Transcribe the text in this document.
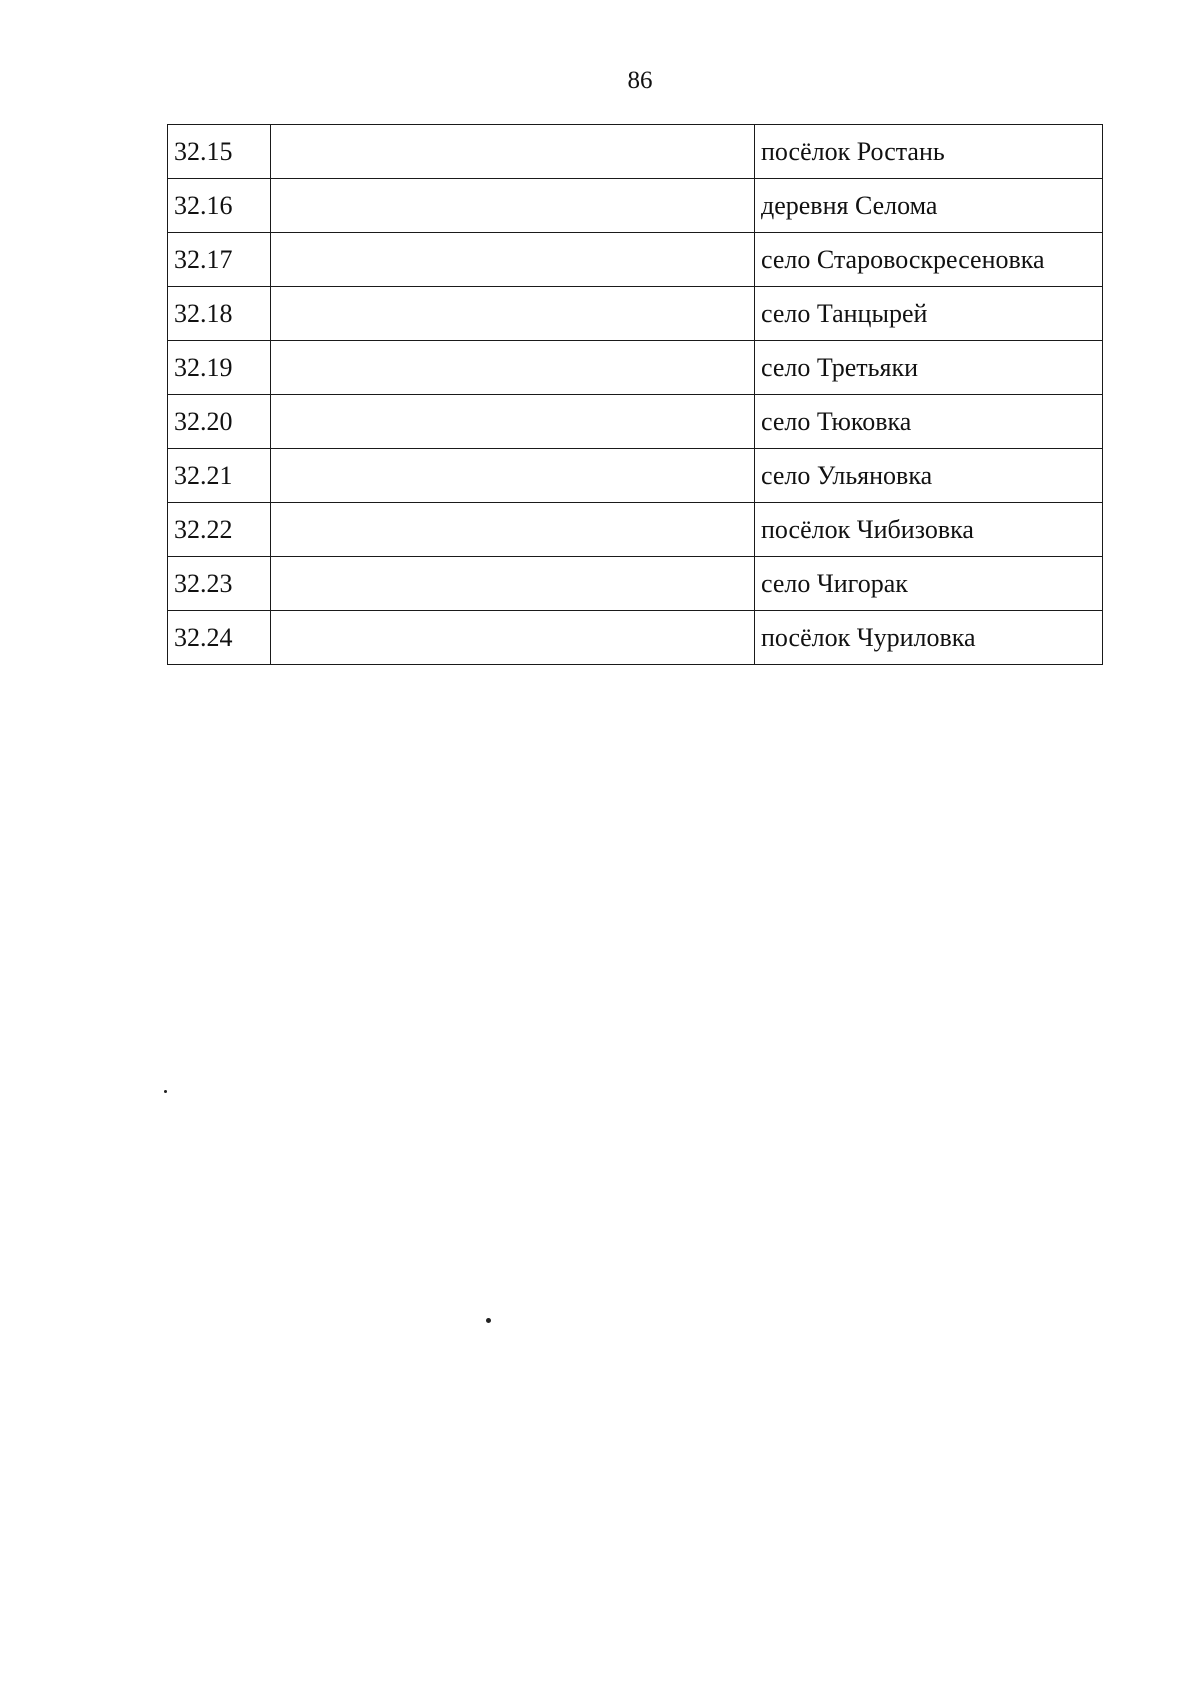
86
32.15		посёлок Ростань
32.16		деревня Селома
32.17		село Старовоскресеновка
32.18		село Танцырей
32.19		село Третьяки
32.20		село Тюковка
32.21		село Ульяновка
32.22		посёлок Чибизовка
32.23		село Чигорак
32.24		посёлок Чуриловка
